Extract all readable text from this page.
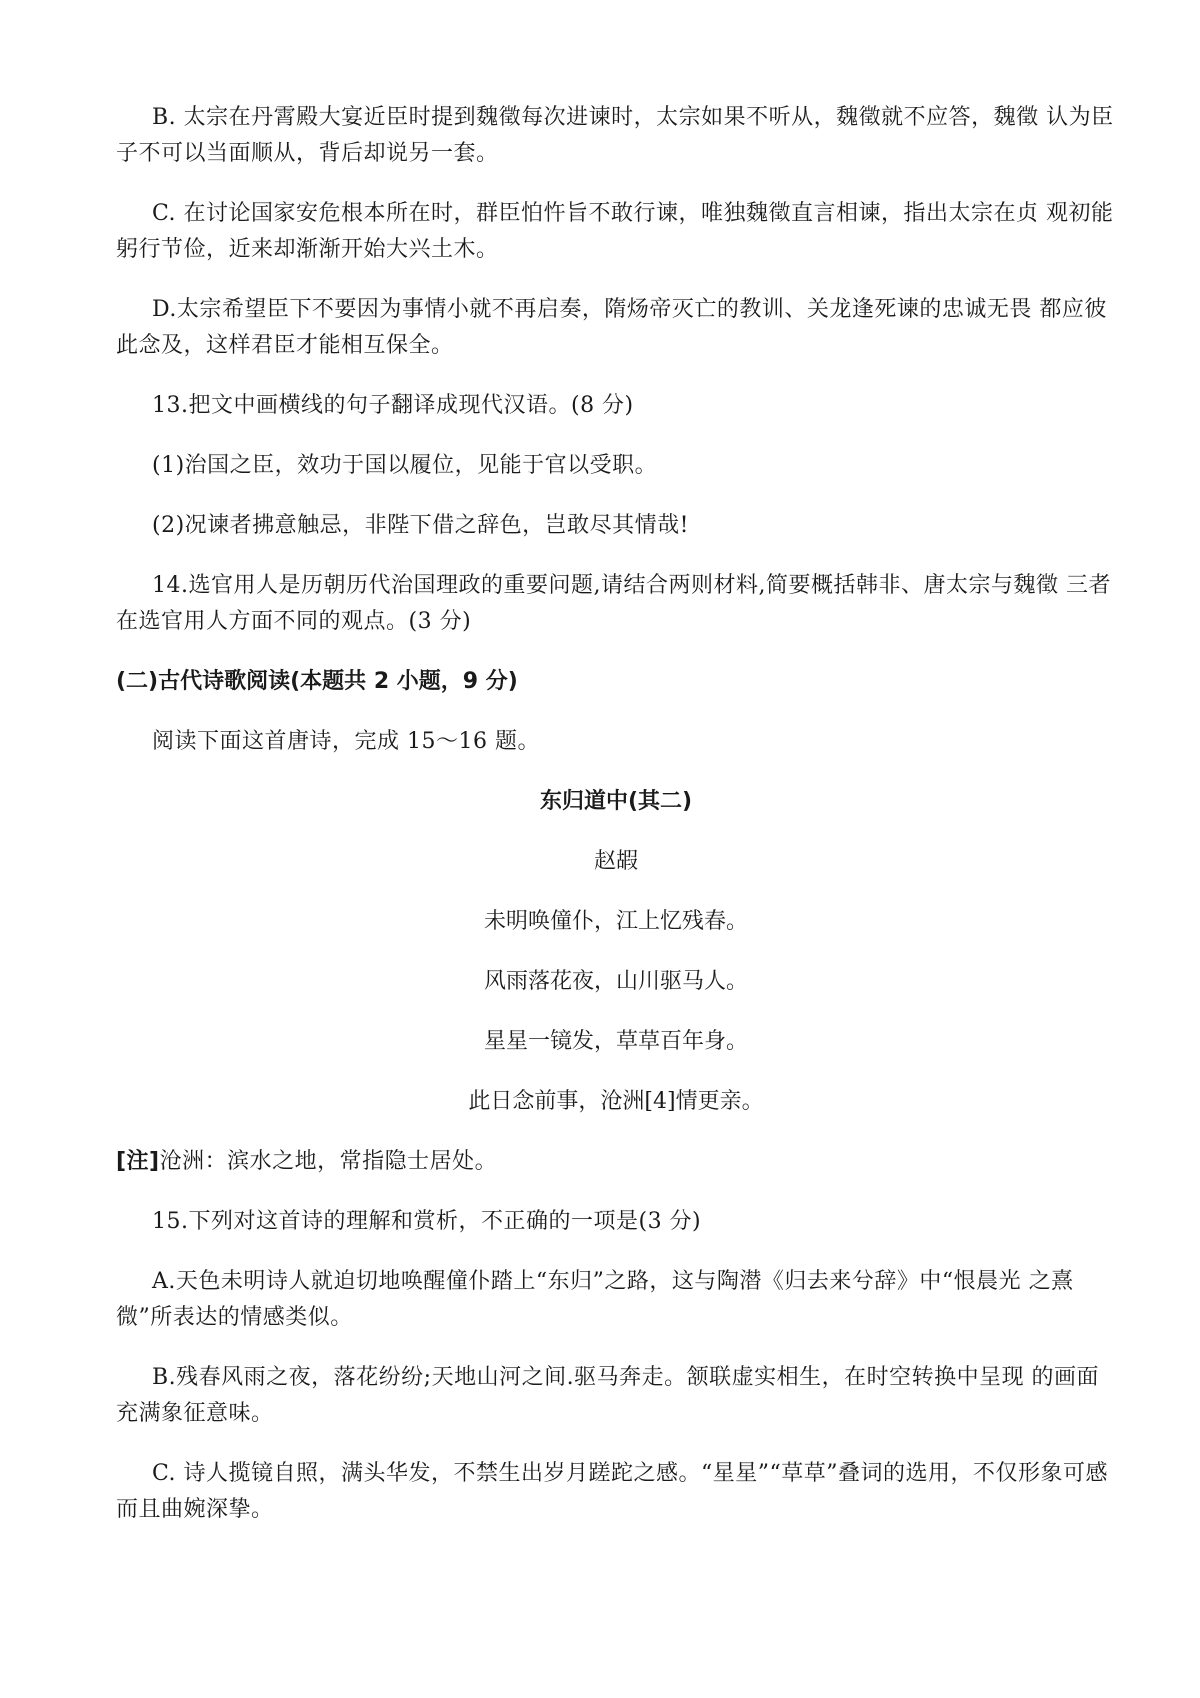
B. 太宗在丹霄殿大宴近臣时提到魏徵每次进谏时，太宗如果不听从，魏徵就不应答，魏徵 认为臣子不可以当面顺从，背后却说另一套。

C. 在讨论国家安危根本所在时，群臣怕忤旨不敢行谏，唯独魏徵直言相谏，指出太宗在贞 观初能躬行节俭，近来却渐渐开始大兴土木。

D.太宗希望臣下不要因为事情小就不再启奏，隋炀帝灭亡的教训、关龙逢死谏的忠诚无畏 都应彼此念及，这样君臣才能相互保全。

13.把文中画横线的句子翻译成现代汉语。(8 分)

(1)治国之臣，效功于国以履位，见能于官以受职。

(2)况谏者拂意触忌，非陛下借之辞色，岂敢尽其情哉!

14.选官用人是历朝历代治国理政的重要问题,请结合两则材料,简要概括韩非、唐太宗与魏徵 三者在选官用人方面不同的观点。(3 分)

(二)古代诗歌阅读(本题共 2 小题，9 分)

阅读下面这首唐诗，完成 15～16 题。

东归道中(其二)

赵嘏

未明唤僮仆，江上忆残春。

风雨落花夜，山川驱马人。

星星一镜发，草草百年身。

此日念前事，沧洲[4]情更亲。

[注]沧洲：滨水之地，常指隐士居处。

15.下列对这首诗的理解和赏析，不正确的一项是(3 分)

A.天色未明诗人就迫切地唤醒僮仆踏上“东归”之路，这与陶潜《归去来兮辞》中“恨晨光 之熹微”所表达的情感类似。

B.残春风雨之夜，落花纷纷;天地山河之间.驱马奔走。颔联虚实相生，在时空转换中呈现 的画面充满象征意味。

C. 诗人揽镜自照，满头华发，不禁生出岁月蹉跎之感。“星星”“草草”叠词的选用，不仅形象可感而且曲婉深挚。
